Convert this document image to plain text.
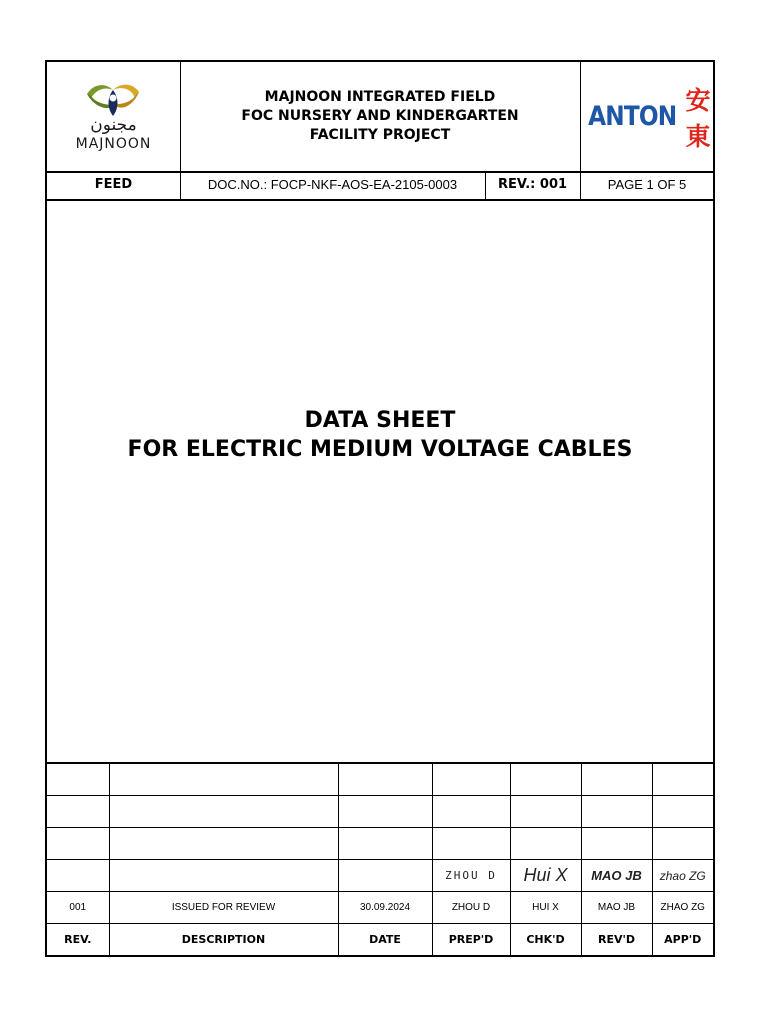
مجنون
MAJNOON
MAJNOON INTEGRATED FIELD
FOC NURSERY AND KINDERGARTEN
FACILITY PROJECT
ANTON
安東
FEED	DOC.NO.: FOCP-NKF-AOS-EA-2105-0003	REV.: 001	PAGE 1 OF 5
DATA SHEET
FOR ELECTRIC MEDIUM VOLTAGE CABLES

			ZHOU D	Hui X	MAO JB	zhao ZG
001	ISSUED FOR REVIEW	30.09.2024	ZHOU D	HUI X	MAO JB	ZHAO ZG
REV.	DESCRIPTION	DATE	PREP'D	CHK'D	REV'D	APP'D
